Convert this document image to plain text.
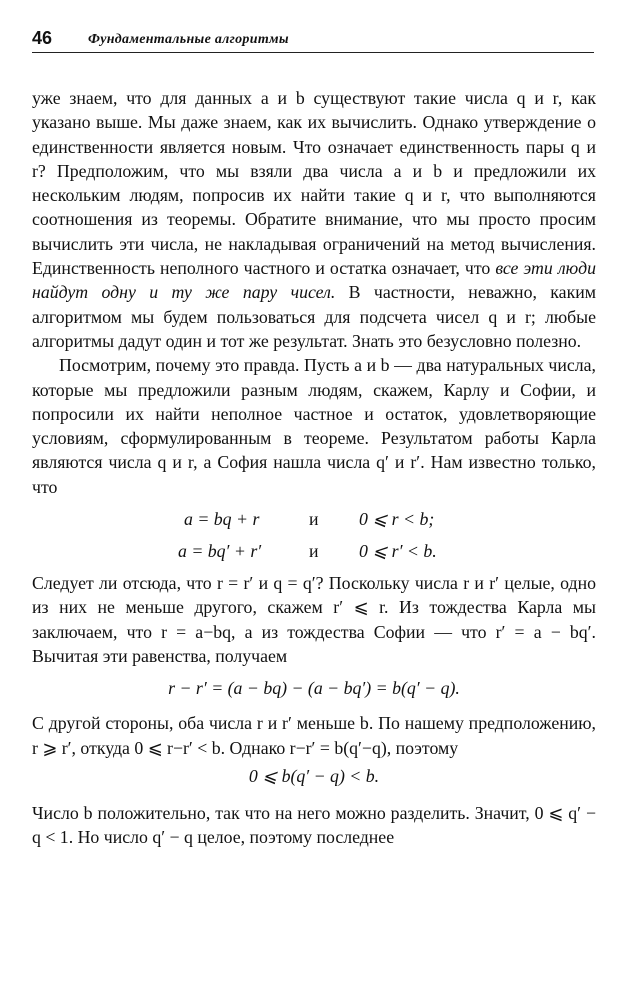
46	Фундаментальные алгоритмы

уже знаем, что для данных a и b существуют такие числа q и r, как указано выше. Мы даже знаем, как их вычислить. Однако утверждение о единственности является новым. Что означает единственность пары q и r? Предположим, что мы взяли два числа a и b и предложили их нескольким людям, попросив их найти такие q и r, что выполняются соотношения из теоремы. Обратите внимание, что мы просто просим вычислить эти числа, не накладывая ограничений на метод вычисления. Единственность неполного частного и остатка означает, что все эти люди найдут одну и ту же пару чисел. В частности, неважно, каким алгоритмом мы будем пользоваться для подсчета чисел q и r; любые алгоритмы дадут один и тот же результат. Знать это безусловно полезно.

Посмотрим, почему это правда. Пусть a и b — два натуральных числа, которые мы предложили разным людям, скажем, Карлу и Софии, и попросили их найти неполное частное и остаток, удовлетворяющие условиям, сформулированным в теореме. Результатом работы Карла являются числа q и r, а София нашла числа q′ и r′. Нам известно только, что

a = bq + r	и 0 ⩽ r < b;
a = bq′ + r′	и 0 ⩽ r′ < b.

Следует ли отсюда, что r = r′ и q = q′? Поскольку числа r и r′ целые, одно из них не меньше другого, скажем r′ ⩽ r. Из тождества Карла мы заключаем, что r = a−bq, а из тождества Софии — что r′ = a − bq′. Вычитая эти равенства, получаем

r − r′ = (a − bq) − (a − bq′) = b(q′ − q).

С другой стороны, оба числа r и r′ меньше b. По нашему предположению, r ⩾ r′, откуда 0 ⩽ r−r′ < b. Однако r−r′ = b(q′−q), поэтому

0 ⩽ b(q′ − q) < b.

Число b положительно, так что на него можно разделить. Значит, 0 ⩽ q′ − q < 1. Но число q′ − q целое, поэтому последнее
